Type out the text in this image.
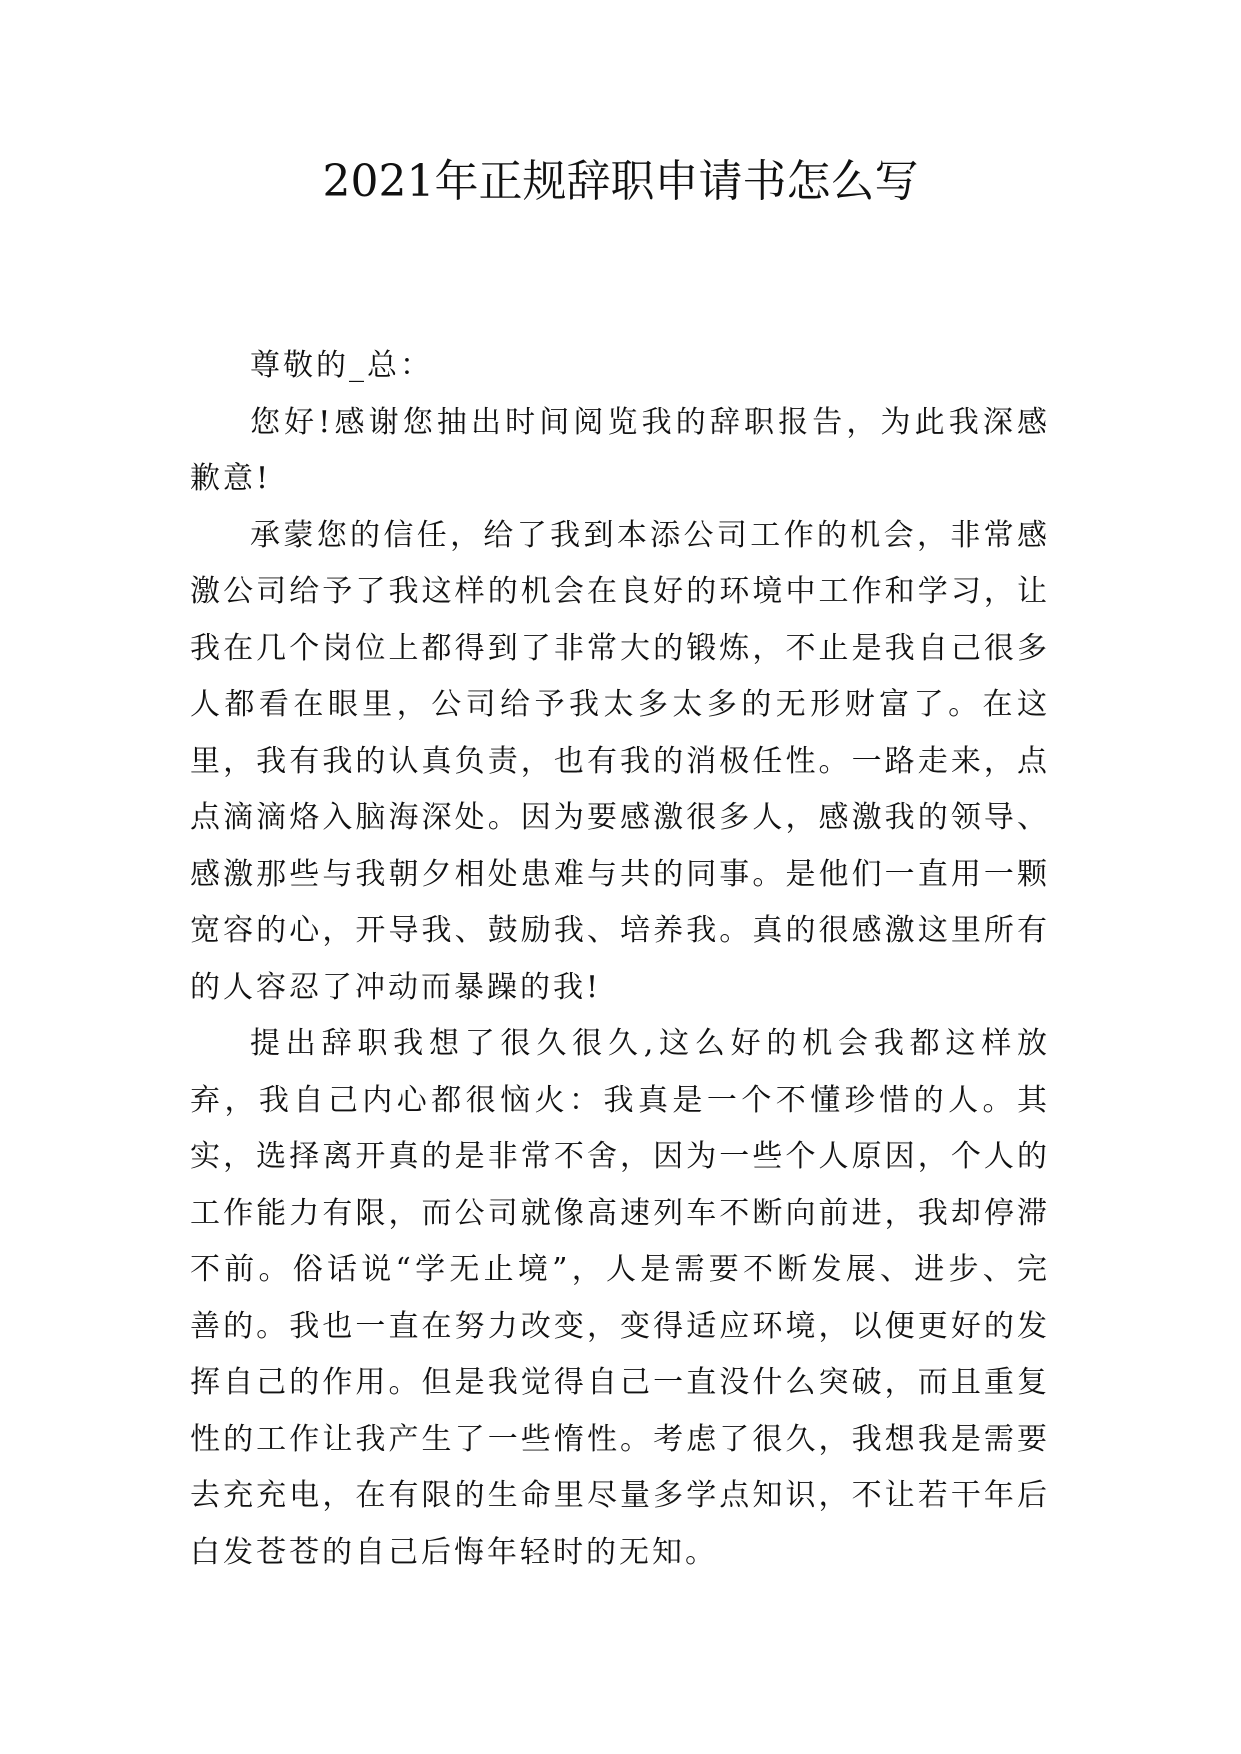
2021年正规辞职申请书怎么写

尊敬的_总：

您好!感谢您抽出时间阅览我的辞职报告，为此我深感歉意!

承蒙您的信任，给了我到本添公司工作的机会，非常感激公司给予了我这样的机会在良好的环境中工作和学习，让我在几个岗位上都得到了非常大的锻炼，不止是我自己很多人都看在眼里，公司给予我太多太多的无形财富了。在这里，我有我的认真负责，也有我的消极任性。一路走来，点点滴滴烙入脑海深处。因为要感激很多人，感激我的领导、感激那些与我朝夕相处患难与共的同事。是他们一直用一颗宽容的心，开导我、鼓励我、培养我。真的很感激这里所有的人容忍了冲动而暴躁的我!

提出辞职我想了很久很久,这么好的机会我都这样放弃，我自己内心都很恼火：我真是一个不懂珍惜的人。其实，选择离开真的是非常不舍，因为一些个人原因，个人的工作能力有限，而公司就像高速列车不断向前进，我却停滞不前。俗话说“学无止境”，人是需要不断发展、进步、完善的。我也一直在努力改变，变得适应环境，以便更好的发挥自己的作用。但是我觉得自己一直没什么突破，而且重复性的工作让我产生了一些惰性。考虑了很久，我想我是需要去充充电，在有限的生命里尽量多学点知识，不让若干年后白发苍苍的自己后悔年轻时的无知。
